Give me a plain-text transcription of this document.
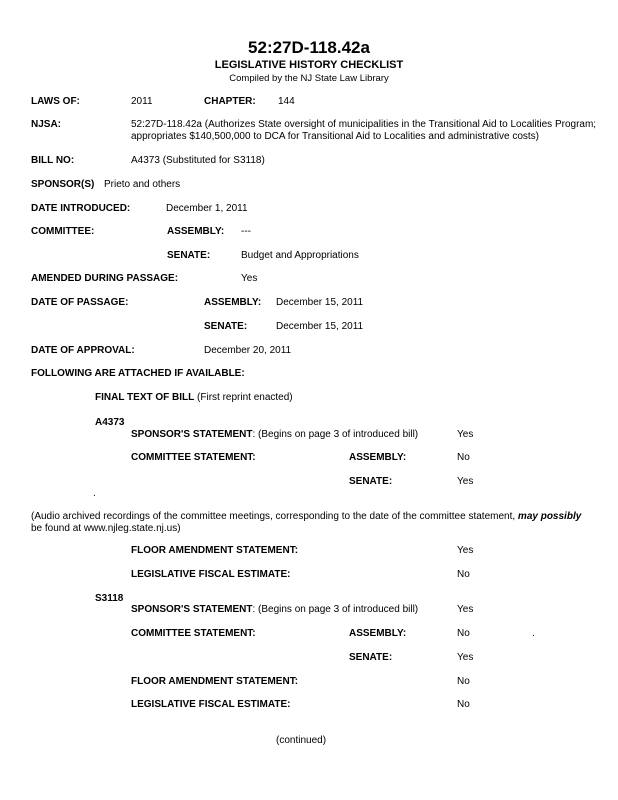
52:27D-118.42a
LEGISLATIVE HISTORY CHECKLIST
Compiled by the NJ State Law Library
LAWS OF:	2011	CHAPTER: 144
NJSA:	52:27D-118.42a (Authorizes State oversight of municipalities in the Transitional Aid to Localities Program;
appropriates $140,500,000 to DCA for Transitional Aid to Localities and administrative costs)
BILL NO:	A4373 (Substituted for S3118)
SPONSOR(S) Prieto and others
DATE INTRODUCED:	December 1, 2011
COMMITTEE:	ASSEMBLY: ---
SENATE:	Budget and Appropriations
AMENDED DURING PASSAGE:	Yes
DATE OF PASSAGE:	ASSEMBLY: December 15, 2011
SENATE:	December 15, 2011
DATE OF APPROVAL:	December 20, 2011
FOLLOWING ARE ATTACHED IF AVAILABLE:
FINAL TEXT OF BILL (First reprint enacted)
A4373
SPONSOR'S STATEMENT: (Begins on page 3 of introduced bill)	Yes
COMMITTEE STATEMENT:	ASSEMBLY:	No
SENATE:	Yes
.
(Audio archived recordings of the committee meetings, corresponding to the date of the committee statement, may possibly
be found at www.njleg.state.nj.us)
FLOOR AMENDMENT STATEMENT:	Yes
LEGISLATIVE FISCAL ESTIMATE:	No
S3118
SPONSOR'S STATEMENT: (Begins on page 3 of introduced bill)	Yes
COMMITTEE STATEMENT:	ASSEMBLY:	No	.
SENATE:	Yes
FLOOR AMENDMENT STATEMENT:	No
LEGISLATIVE FISCAL ESTIMATE:	No
(continued)
